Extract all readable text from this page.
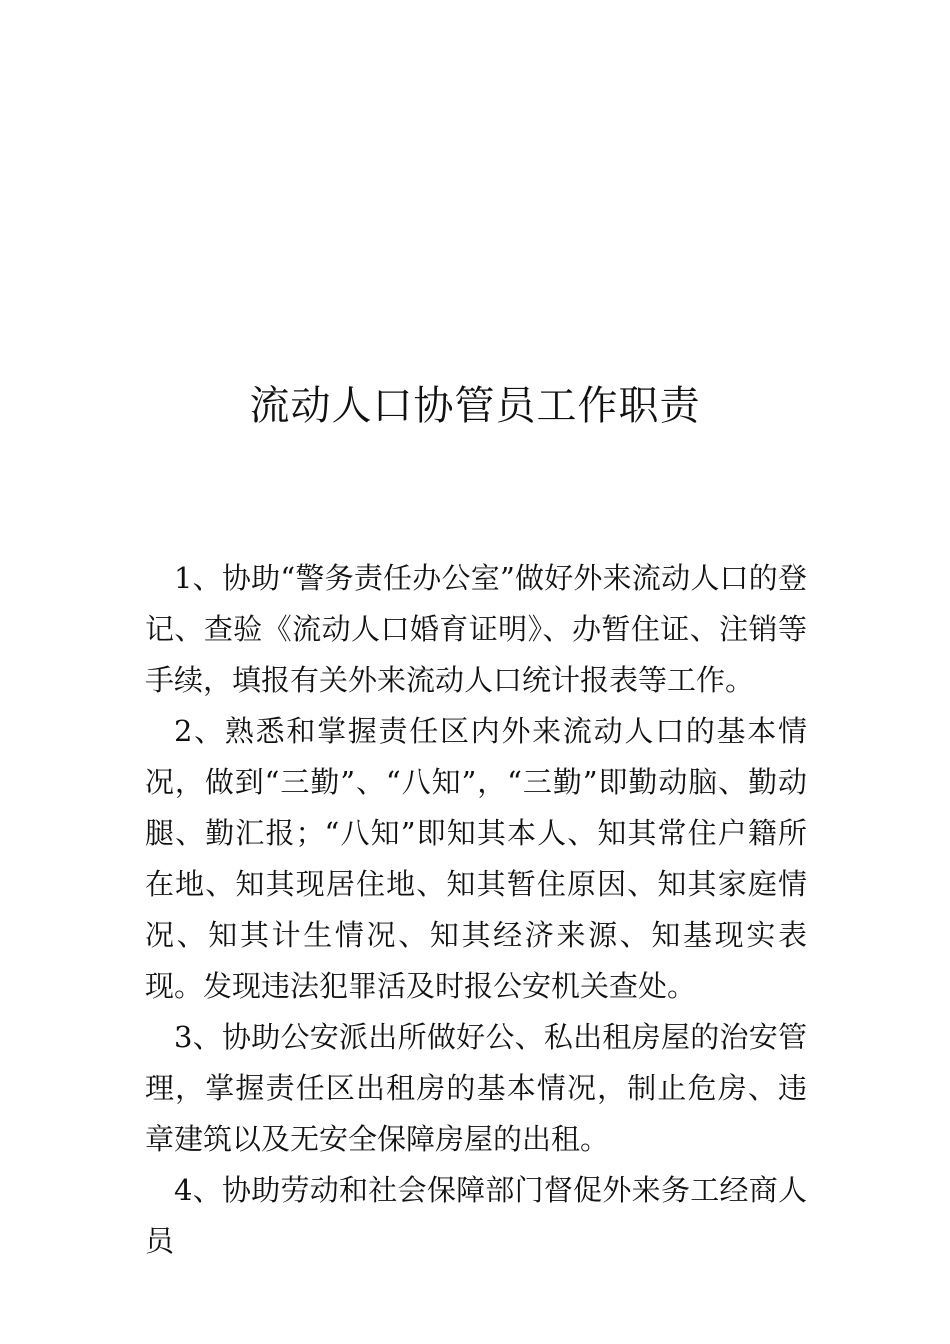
流动人口协管员工作职责

1、协助“警务责任办公室”做好外来流动人口的登记、查验《流动人口婚育证明》、办暂住证、注销等手续，填报有关外来流动人口统计报表等工作。

2、熟悉和掌握责任区内外来流动人口的基本情况，做到“三勤”、“八知”，“三勤”即勤动脑、勤动腿、勤汇报；“八知”即知其本人、知其常住户籍所在地、知其现居住地、知其暂住原因、知其家庭情况、知其计生情况、知其经济来源、知基现实表现。发现违法犯罪活及时报公安机关查处。

3、协助公安派出所做好公、私出租房屋的治安管理，掌握责任区出租房的基本情况，制止危房、违章建筑以及无安全保障房屋的出租。

4、协助劳动和社会保障部门督促外来务工经商人员
